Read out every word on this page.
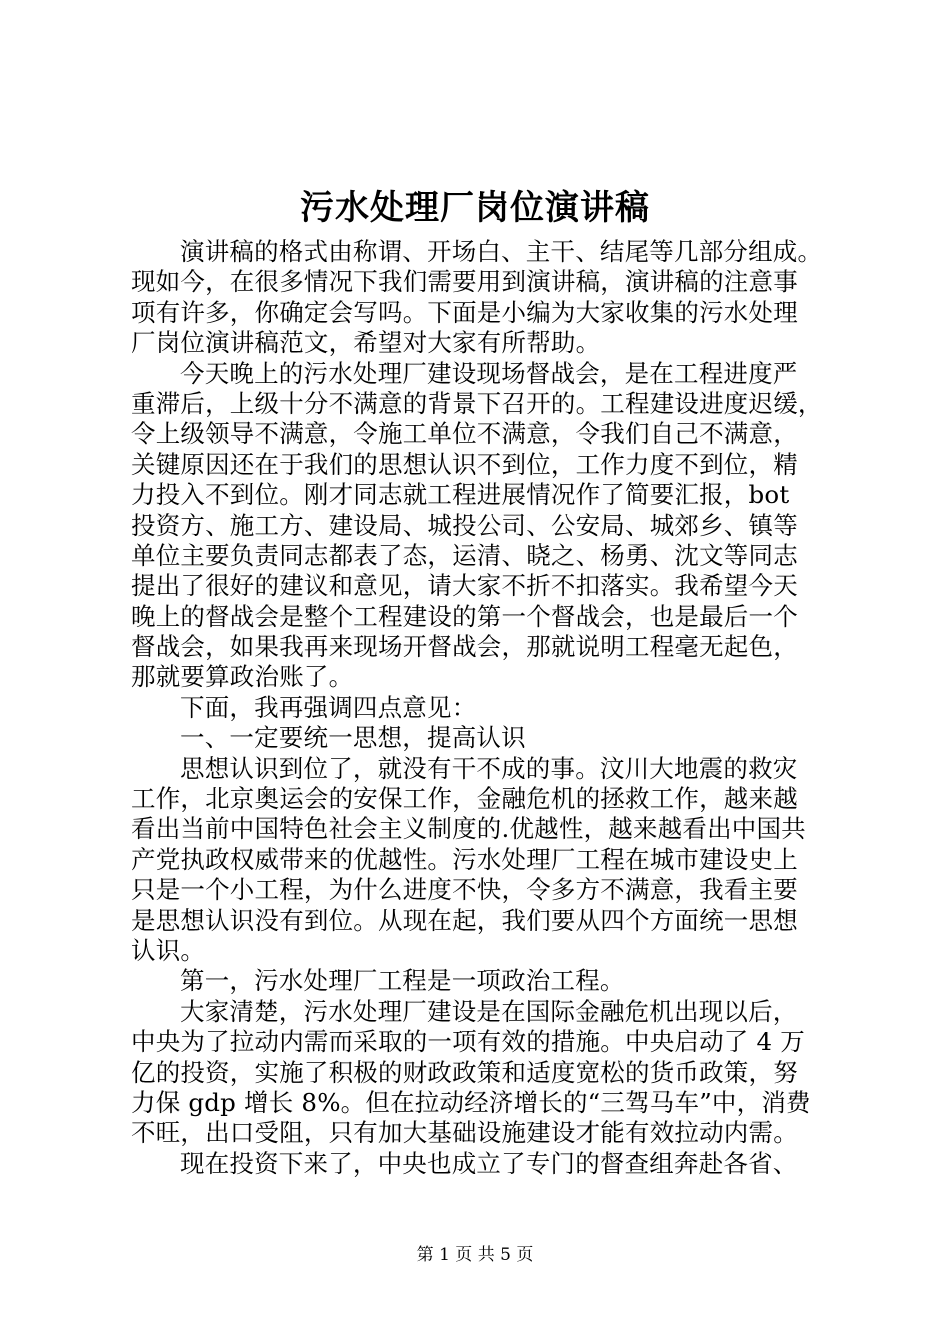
污水处理厂岗位演讲稿
演讲稿的格式由称谓、开场白、主干、结尾等几部分组成。
现如今，在很多情况下我们需要用到演讲稿，演讲稿的注意事
项有许多，你确定会写吗。下面是小编为大家收集的污水处理
厂岗位演讲稿范文，希望对大家有所帮助。
今天晚上的污水处理厂建设现场督战会，是在工程进度严
重滞后，上级十分不满意的背景下召开的。工程建设进度迟缓，
令上级领导不满意，令施工单位不满意，令我们自己不满意，
关键原因还在于我们的思想认识不到位，工作力度不到位，精
力投入不到位。刚才同志就工程进展情况作了简要汇报，bot
投资方、施工方、建设局、城投公司、公安局、城郊乡、镇等
单位主要负责同志都表了态，运清、晓之、杨勇、沈文等同志
提出了很好的建议和意见，请大家不折不扣落实。我希望今天
晚上的督战会是整个工程建设的第一个督战会，也是最后一个
督战会，如果我再来现场开督战会，那就说明工程毫无起色，
那就要算政治账了。
下面，我再强调四点意见：
一、一定要统一思想，提高认识
思想认识到位了，就没有干不成的事。汶川大地震的救灾
工作，北京奥运会的安保工作，金融危机的拯救工作，越来越
看出当前中国特色社会主义制度的.优越性，越来越看出中国共
产党执政权威带来的优越性。污水处理厂工程在城市建设史上
只是一个小工程，为什么进度不快，令多方不满意，我看主要
是思想认识没有到位。从现在起，我们要从四个方面统一思想
认识。
第一，污水处理厂工程是一项政治工程。
大家清楚，污水处理厂建设是在国际金融危机出现以后，
中央为了拉动内需而采取的一项有效的措施。中央启动了 4 万
亿的投资，实施了积极的财政政策和适度宽松的货币政策，努
力保 gdp 增长 8%。但在拉动经济增长的“三驾马车”中，消费
不旺，出口受阻，只有加大基础设施建设才能有效拉动内需。
现在投资下来了，中央也成立了专门的督查组奔赴各省、
第 1 页 共 5 页
